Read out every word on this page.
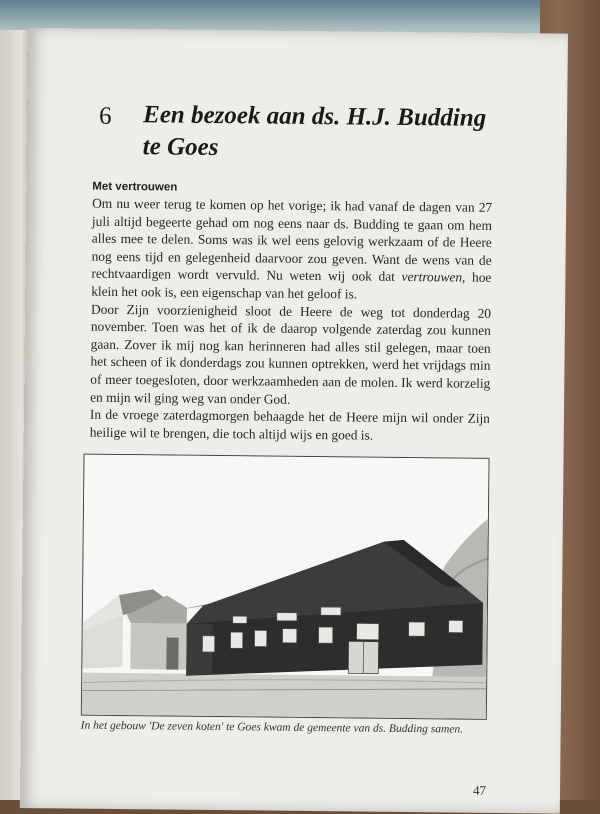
6 Een bezoek aan ds. H.J. Budding
te Goes
Met vertrouwen

Om nu weer terug te komen op het vorige; ik had vanaf de dagen van 27 juli altijd begeerte gehad om nog eens naar ds. Budding te gaan om hem alles mee te delen. Soms was ik wel eens gelovig werkzaam of de Heere nog eens tijd en gelegenheid daarvoor zou geven. Want de wens van de rechtvaardigen wordt vervuld. Nu weten wij ook dat vertrouwen, hoe klein het ook is, een eigenschap van het geloof is.

Door Zijn voorzienigheid sloot de Heere de weg tot donderdag 20 november. Toen was het of ik de daarop volgende zaterdag zou kunnen gaan. Zover ik mij nog kan herinneren had alles stil gelegen, maar toen het scheen of ik donderdags zou kunnen optrekken, werd het vrijdags min of meer toegesloten, door werkzaamheden aan de molen. Ik werd korzelig en mijn wil ging weg van onder God.

In de vroege zaterdagmorgen behaagde het de Heere mijn wil onder Zijn heilige wil te brengen, die toch altijd wijs en goed is.

In het gebouw 'De zeven koten' te Goes kwam de gemeente van ds. Budding samen.
47
